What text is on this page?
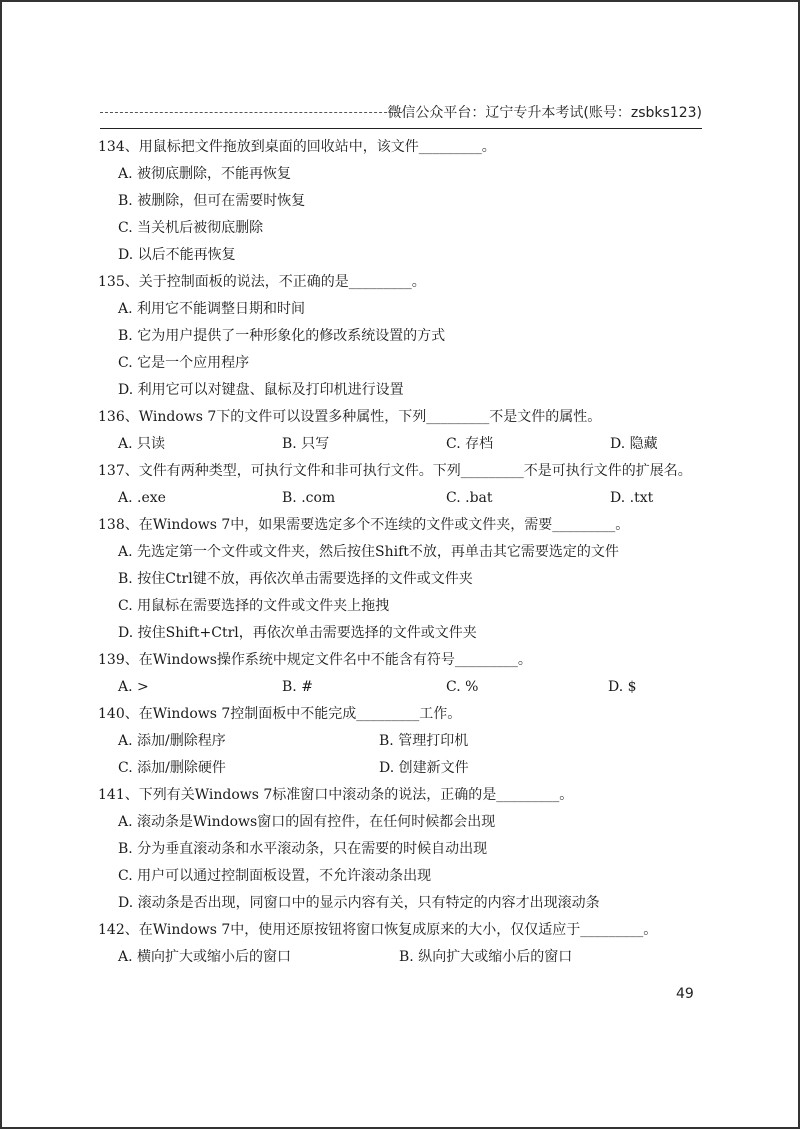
微信公众平台：辽宁专升本考试(账号：zsbks123)
134、用鼠标把文件拖放到桌面的回收站中，该文件_________。
A. 被彻底删除，不能再恢复
B. 被删除，但可在需要时恢复
C. 当关机后被彻底删除
D. 以后不能再恢复
135、关于控制面板的说法，不正确的是_________。
A. 利用它不能调整日期和时间
B. 它为用户提供了一种形象化的修改系统设置的方式
C. 它是一个应用程序
D. 利用它可以对键盘、鼠标及打印机进行设置
136、Windows 7下的文件可以设置多种属性，下列_________不是文件的属性。
A. 只读	B. 只写	C. 存档	D. 隐藏
137、文件有两种类型，可执行文件和非可执行文件。下列_________不是可执行文件的扩展名。
A. .exe	B. .com	C. .bat	D. .txt
138、在Windows 7中，如果需要选定多个不连续的文件或文件夹，需要_________。
A. 先选定第一个文件或文件夹，然后按住Shift不放，再单击其它需要选定的文件
B. 按住Ctrl键不放，再依次单击需要选择的文件或文件夹
C. 用鼠标在需要选择的文件或文件夹上拖拽
D. 按住Shift+Ctrl，再依次单击需要选择的文件或文件夹
139、在Windows操作系统中规定文件名中不能含有符号_________。
A. >	B. #	C. %	D. $
140、在Windows 7控制面板中不能完成_________工作。
A. 添加/删除程序	B. 管理打印机
C. 添加/删除硬件	D. 创建新文件
141、下列有关Windows 7标准窗口中滚动条的说法，正确的是_________。
A. 滚动条是Windows窗口的固有控件，在任何时候都会出现
B. 分为垂直滚动条和水平滚动条，只在需要的时候自动出现
C. 用户可以通过控制面板设置，不允许滚动条出现
D. 滚动条是否出现，同窗口中的显示内容有关，只有特定的内容才出现滚动条
142、在Windows 7中，使用还原按钮将窗口恢复成原来的大小，仅仅适应于_________。
A. 横向扩大或缩小后的窗口	B. 纵向扩大或缩小后的窗口
49
